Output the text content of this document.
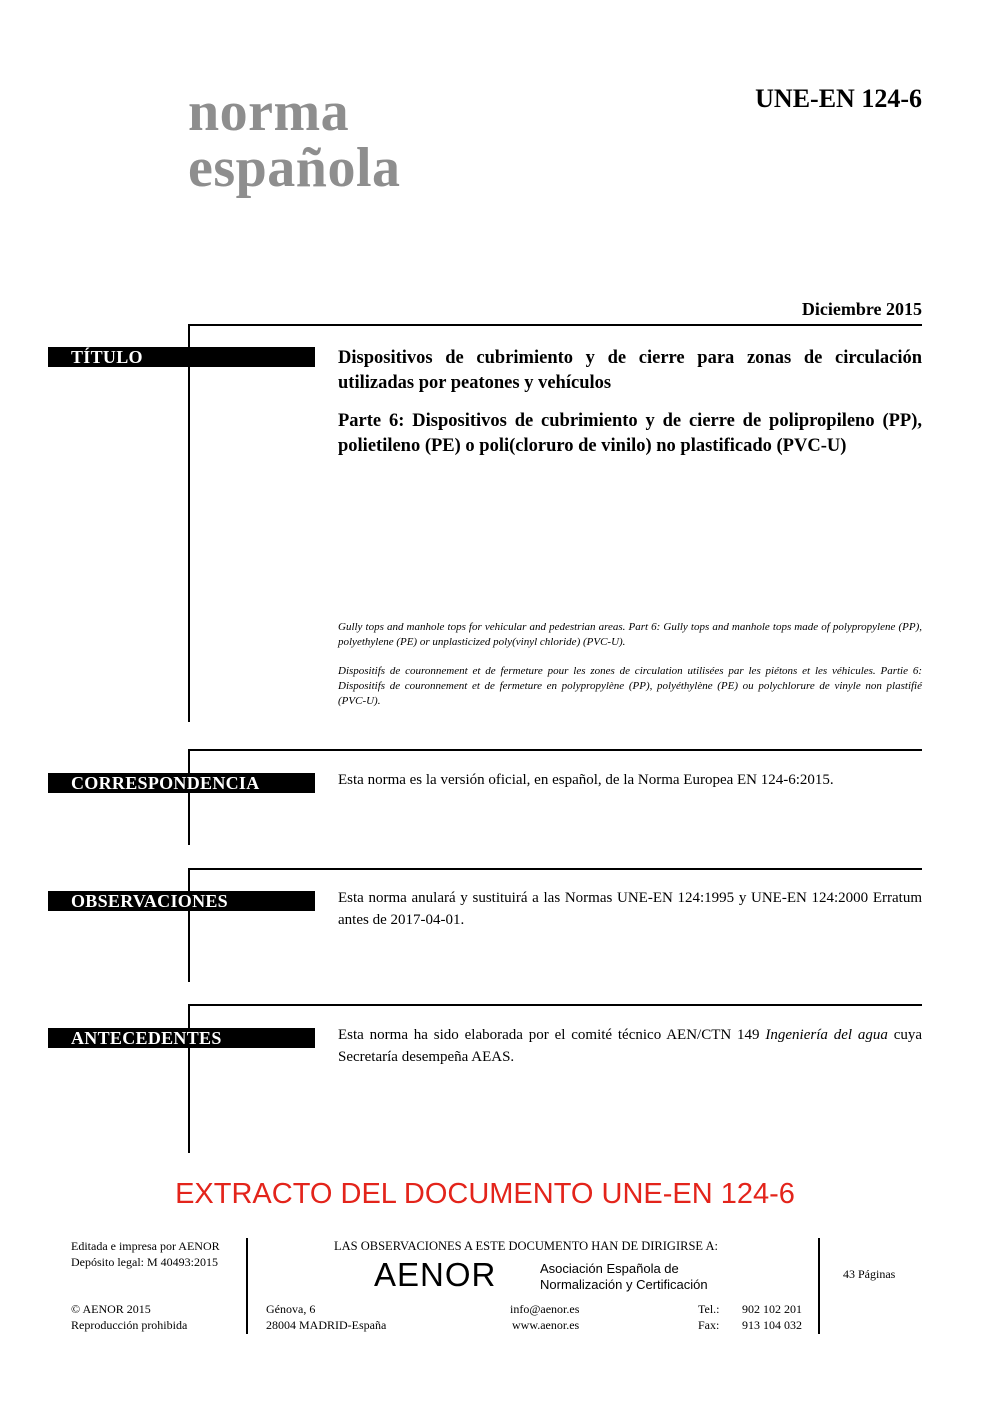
norma
española
UNE-EN 124-6
Diciembre 2015
TÍTULO	Dispositivos de cubrimiento y de cierre para zonas de circulación utilizadas por peatones y vehículos

Parte 6: Dispositivos de cubrimiento y de cierre de polipropileno (PP), polietileno (PE) o poli(cloruro de vinilo) no plastificado (PVC-U)

Gully tops and manhole tops for vehicular and pedestrian areas. Part 6: Gully tops and manhole tops made of polypropylene (PP), polyethylene (PE) or unplasticized poly(vinyl chloride) (PVC-U).

Dispositifs de couronnement et de fermeture pour les zones de circulation utilisées par les piétons et les véhicules. Partie 6: Dispositifs de couronnement et de fermeture en polypropylène (PP), polyéthylène (PE) ou polychlorure de vinyle non plastifié (PVC-U).

CORRESPONDENCIA	Esta norma es la versión oficial, en español, de la Norma Europea EN 124-6:2015.
OBSERVACIONES	Esta norma anulará y sustituirá a las Normas UNE-EN 124:1995 y UNE-EN 124:2000 Erratum antes de 2017-04-01.
ANTECEDENTES	Esta norma ha sido elaborada por el comité técnico AEN/CTN 149 Ingeniería del agua cuya Secretaría desempeña AEAS.
EXTRACTO DEL DOCUMENTO UNE-EN 124-6
Editada e impresa por AENOR
Depósito legal: M 40493:2015
© AENOR 2015
Reproducción prohibida
LAS OBSERVACIONES A ESTE DOCUMENTO HAN DE DIRIGIRSE A:
AENOR	Asociación Española de
Normalización y Certificación
Génova, 6
28004 MADRID-España
info@aenor.es
www.aenor.es
Tel.: 902 102 201
Fax: 913 104 032
43 Páginas
